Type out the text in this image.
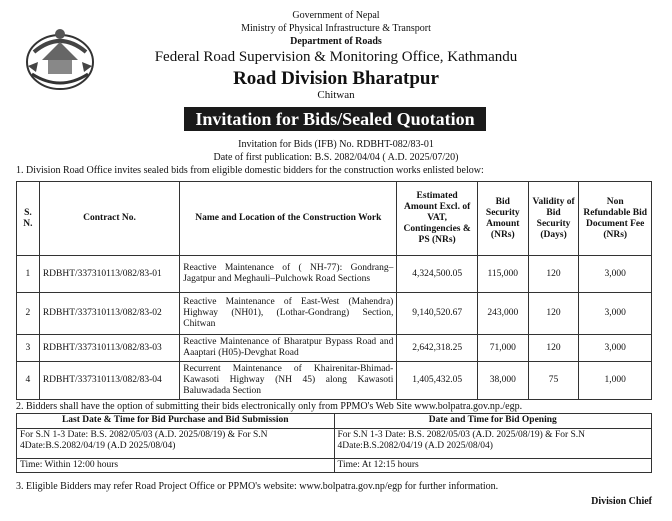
Government of Nepal
Ministry of Physical Infrastructure & Transport
Department of Roads
Federal Road Supervision & Monitoring Office, Kathmandu
Road Division Bharatpur
Chitwan
Invitation for Bids/Sealed Quotation
Invitation for Bids (IFB) No. RDBHT-082/83-01
Date of first publication: B.S. 2082/04/04 ( A.D. 2025/07/20)
1. Division Road Office invites sealed bids from eligible domestic bidders for the construction works enlisted below:
S. N.	Contract No.	Name and Location of the Construction Work	Estimated Amount Excl. of VAT, Contingencies & PS (NRs)	Bid Security Amount (NRs)	Validity of Bid Security (Days)	Non Refundable Bid Document Fee (NRs)
1	RDBHT/337310113/082/83-01	Reactive Maintenance of ( NH-77): Gondrang–Jagatpur and Meghauli–Pulchowk Road Sections	4,324,500.05	115,000	120	3,000
2	RDBHT/337310113/082/83-02	Reactive Maintenance of East-West (Mahendra) Highway (NH01), (Lothar-Gondrang) Section, Chitwan	9,140,520.67	243,000	120	3,000
3	RDBHT/337310113/082/83-03	Reactive Maintenance of Bharatpur Bypass Road and Aaaptari (H05)-Devghat Road	2,642,318.25	71,000	120	3,000
4	RDBHT/337310113/082/83-04	Recurrent Maintenance of Khairenitar-Bhimad-Kawasoti Highway (NH 45) along Kawasoti Baluwadada Section	1,405,432.05	38,000	75	1,000
2. Bidders shall have the option of submitting their bids electronically only from PPMO's Web Site www.bolpatra.gov.np./egp.
Last Date & Time for Bid Purchase and Bid Submission	Date and Time for Bid Opening
For S.N 1-3 Date: B.S. 2082/05/03 (A.D. 2025/08/19) & For S.N 4Date:B.S.2082/04/19 (A.D 2025/08/04)	For S.N 1-3 Date: B.S. 2082/05/03 (A.D. 2025/08/19) & For S.N 4Date:B.S.2082/04/19 (A.D 2025/08/04)
Time: Within 12:00 hours	Time: At 12:15 hours
3. Eligible Bidders may refer Road Project Office or PPMO's website: www.bolpatra.gov.np/egp for further information.
Division Chief
